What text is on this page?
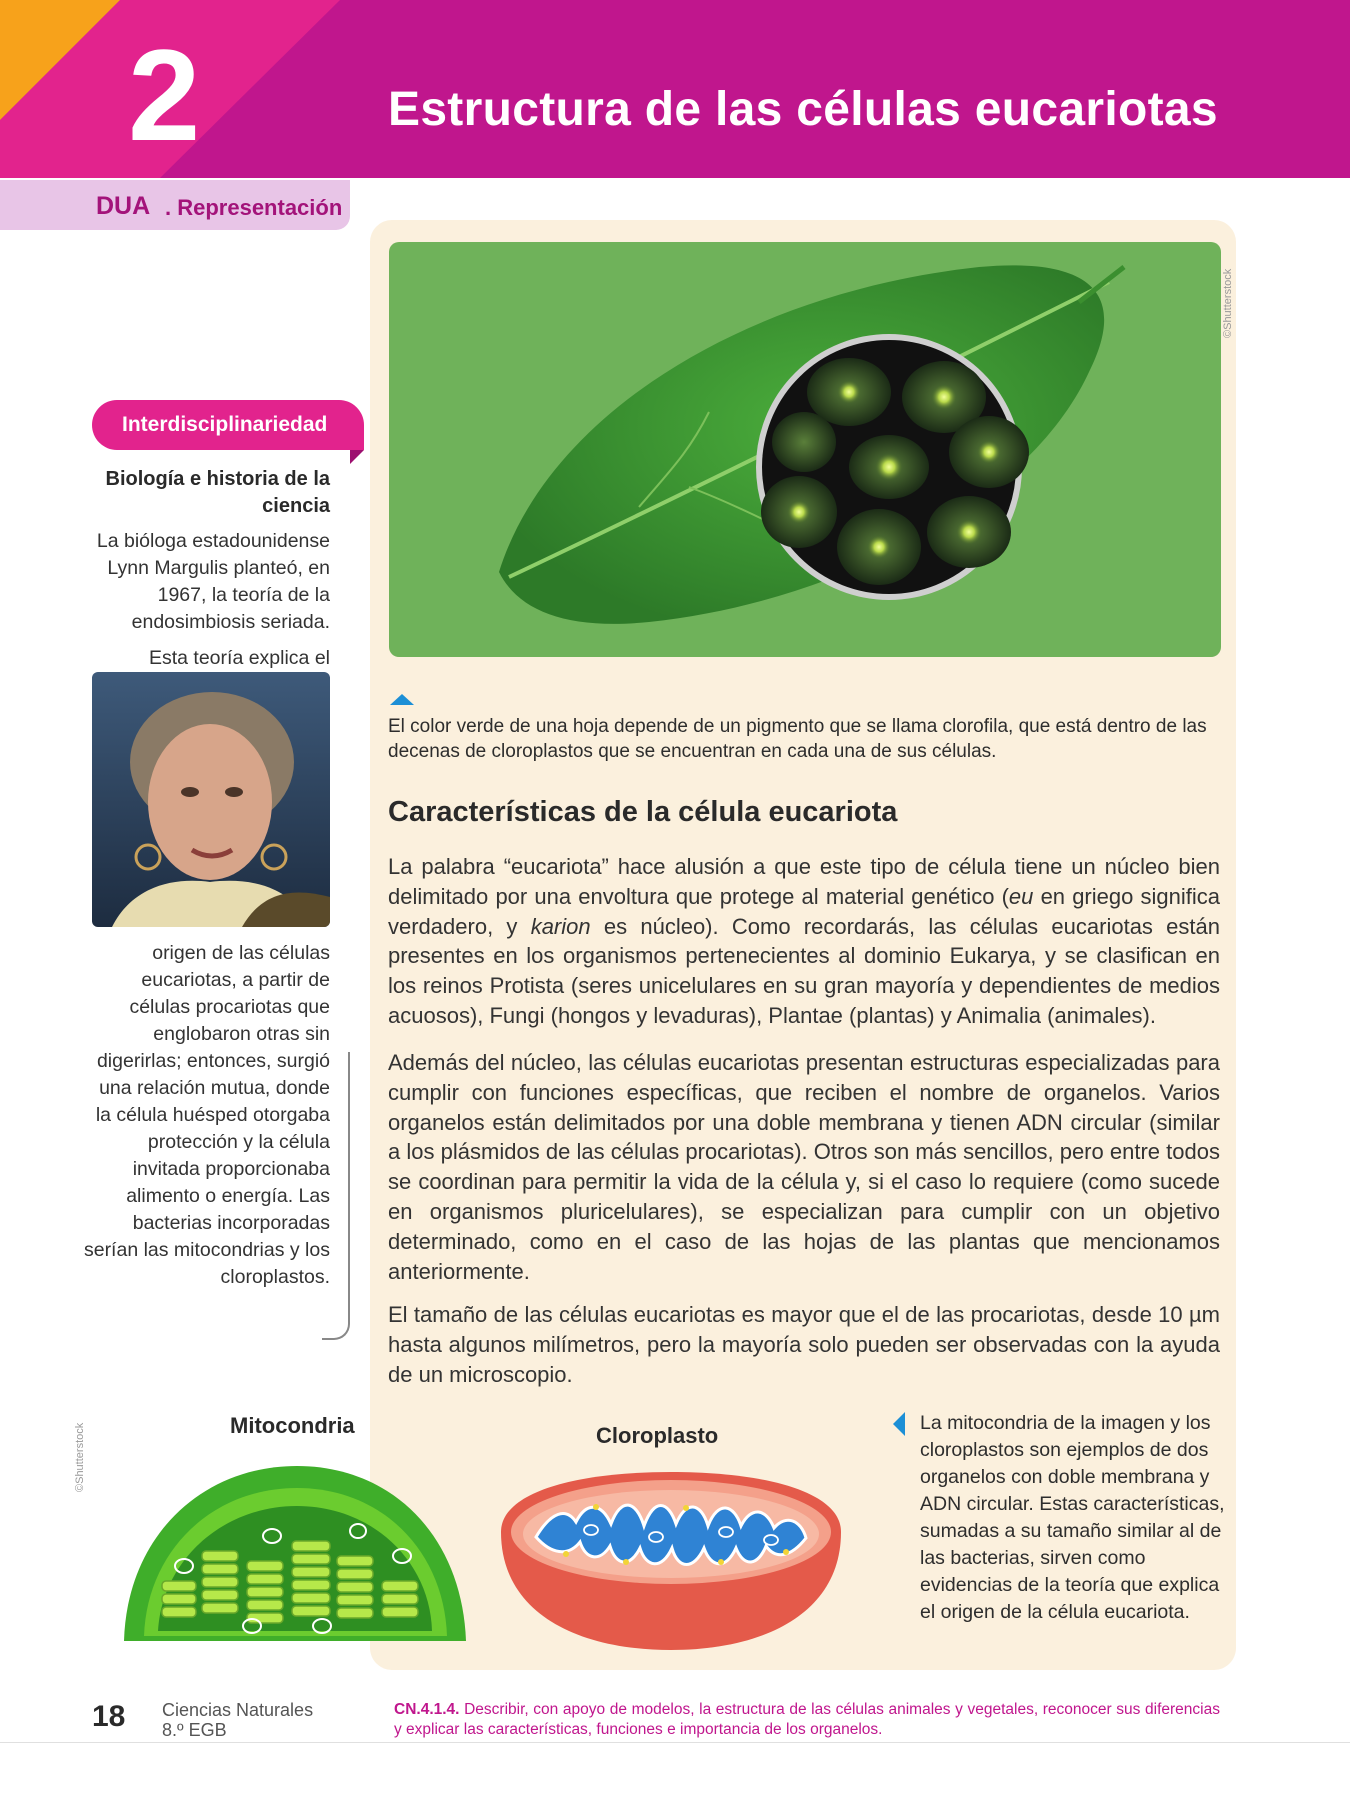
2	Estructura de las células eucariotas
DUA . Representación
©Shutterstock
El color verde de una hoja depende de un pigmento que se llama clorofila, que está dentro de las decenas de cloroplastos que se encuentran en cada una de sus células.
Características de la célula eucariota
La palabra “eucariota” hace alusión a que este tipo de célula tiene un núcleo bien delimitado por una envoltura que protege al material genético (eu en griego significa verdadero, y karion es núcleo). Como recordarás, las células eucariotas están presentes en los organismos pertenecientes al dominio Eukarya, y se clasifican en los reinos Protista (seres unicelulares en su gran mayoría y dependientes de medios acuosos), Fungi (hongos y levaduras), Plantae (plantas) y Animalia (animales).
Además del núcleo, las células eucariotas presentan estructuras especializadas para cumplir con funciones específicas, que reciben el nombre de organelos. Varios organelos están delimitados por una doble membrana y tienen ADN circular (similar a los plásmidos de las células procariotas). Otros son más sencillos, pero entre todos se coordinan para permitir la vida de la célula y, si el caso lo requiere (como sucede en organismos pluricelulares), se especializan para cumplir con un objetivo determinado, como en el caso de las hojas de las plantas que mencionamos anteriormente.
El tamaño de las células eucariotas es mayor que el de las procariotas, desde 10 µm hasta algunos milímetros, pero la mayoría solo pueden ser observadas con la ayuda de un microscopio.
Interdisciplinariedad
Biología e historia de la ciencia
La bióloga estadounidense Lynn Margulis planteó, en 1967, la teoría de la endosimbiosis seriada.
Esta teoría explica el
origen de las células eucariotas, a partir de células procariotas que englobaron otras sin digerirlas; entonces, surgió una relación mutua, donde la célula huésped otorgaba protección y la célula invitada proporcionaba alimento o energía. Las bacterias incorporadas serían las mitocondrias y los cloroplastos.
©Shutterstock	Mitocondria	Cloroplasto	La mitocondria de la imagen y los cloroplastos son ejemplos de dos organelos con doble membrana y ADN circular. Estas características, sumadas a su tamaño similar al de las bacterias, sirven como evidencias de la teoría que explica el origen de la célula eucariota.
18 Ciencias Naturales
8.º EGB
CN.4.1.4. Describir, con apoyo de modelos, la estructura de las células animales y vegetales, reconocer sus diferencias y explicar las características, funciones e importancia de los organelos.
